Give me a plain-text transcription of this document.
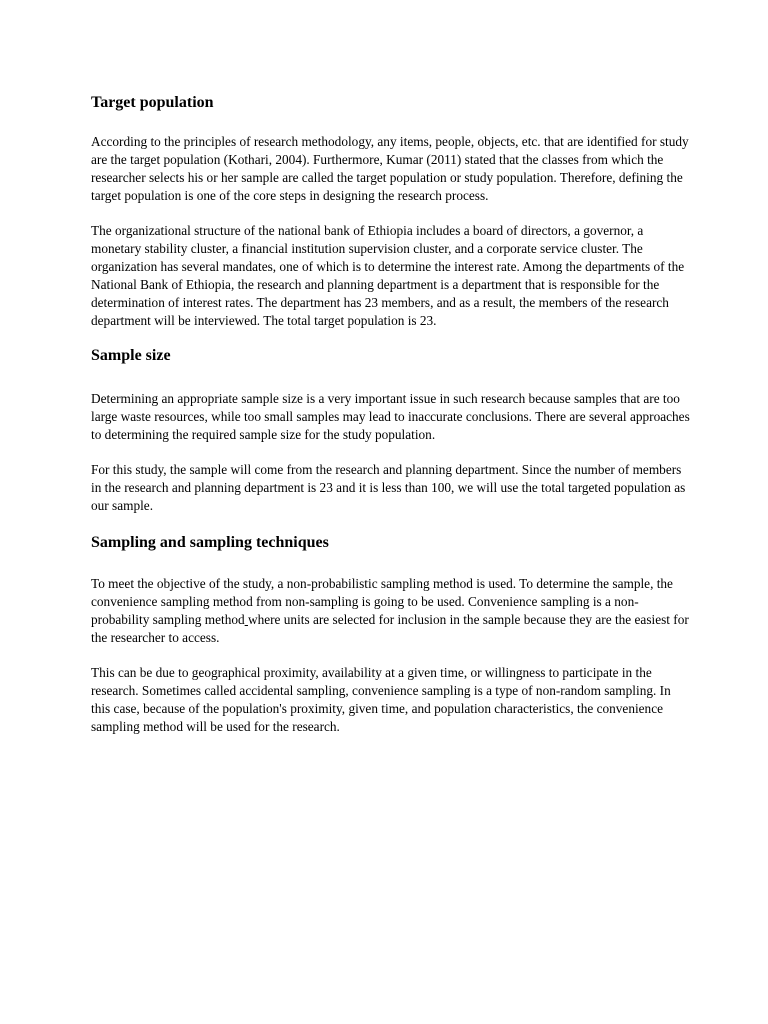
Target population

According to the principles of research methodology, any items, people, objects, etc. that are identified for study are the target population (Kothari, 2004). Furthermore, Kumar (2011) stated that the classes from which the researcher selects his or her sample are called the target population or study population. Therefore, defining the target population is one of the core steps in designing the research process.

The organizational structure of the national bank of Ethiopia includes a board of directors, a governor, a monetary stability cluster, a financial institution supervision cluster, and a corporate service cluster. The organization has several mandates, one of which is to determine the interest rate. Among the departments of the National Bank of Ethiopia, the research and planning department is a department that is responsible for the determination of interest rates. The department has 23 members, and as a result, the members of the research department will be interviewed. The total target population is 23.

Sample size

Determining an appropriate sample size is a very important issue in such research because samples that are too large waste resources, while too small samples may lead to inaccurate conclusions. There are several approaches to determining the required sample size for the study population.

For this study, the sample will come from the research and planning department. Since the number of members in the research and planning department is 23 and it is less than 100, we will use the total targeted population as our sample.

Sampling and sampling techniques

To meet the objective of the study, a non-probabilistic sampling method is used. To determine the sample, the convenience sampling method from non-sampling is going to be used. Convenience sampling is a non-probability sampling method where units are selected for inclusion in the sample because they are the easiest for the researcher to access.

This can be due to geographical proximity, availability at a given time, or willingness to participate in the research. Sometimes called accidental sampling, convenience sampling is a type of non-random sampling. In this case, because of the population's proximity, given time, and population characteristics, the convenience sampling method will be used for the research.
